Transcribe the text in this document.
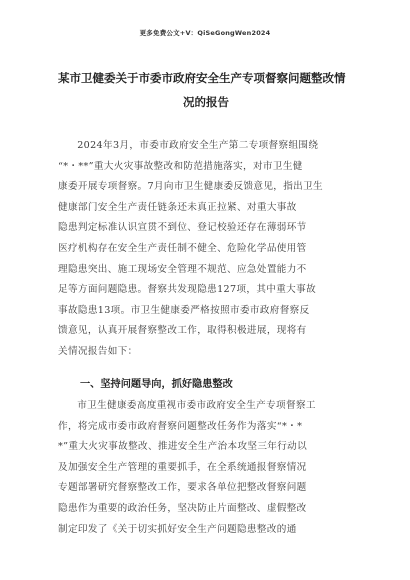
更多免费公文+V：QiSeGongWen2024
某市卫健委关于市委市政府安全生产专项督察问题整改情
况的报告
2024年3月，市委市政府安全生产第二专项督察组围绕
“*・**”重大火灾事故整改和防范措施落实，对市卫生健
康委开展专项督察。7月向市卫生健康委反馈意见，指出卫生
健康部门安全生产责任链条还未真正拉紧、对重大事故
隐患判定标准认识宣贯不到位、登记校验还存在薄弱环节
医疗机构存在安全生产责任制不健全、危险化学品使用管
理隐患突出、施工现场安全管理不规范、应急处置能力不
足等方面问题隐患。督察共发现隐患127项，其中重大事故
事故隐患13项。市卫生健康委严格按照市委市政府督察反
馈意见，认真开展督察整改工作，取得积极进展，现将有
关情况报告如下：
一、坚持问题导向，抓好隐患整改
市卫生健康委高度重视市委市政府安全生产专项督察工
作，将完成市委市政府督察问题整改任务作为落实“*・*
*”重大火灾事故整改、推进安全生产治本攻坚三年行动以
及加强安全生产管理的重要抓手，在全系统通报督察情况
专题部署研究督察整改工作，要求各单位把整改督察问题
隐患作为重要的政治任务，坚决防止片面整改、虚假整改
制定印发了《关于切实抓好安全生产问题隐患整改的通
